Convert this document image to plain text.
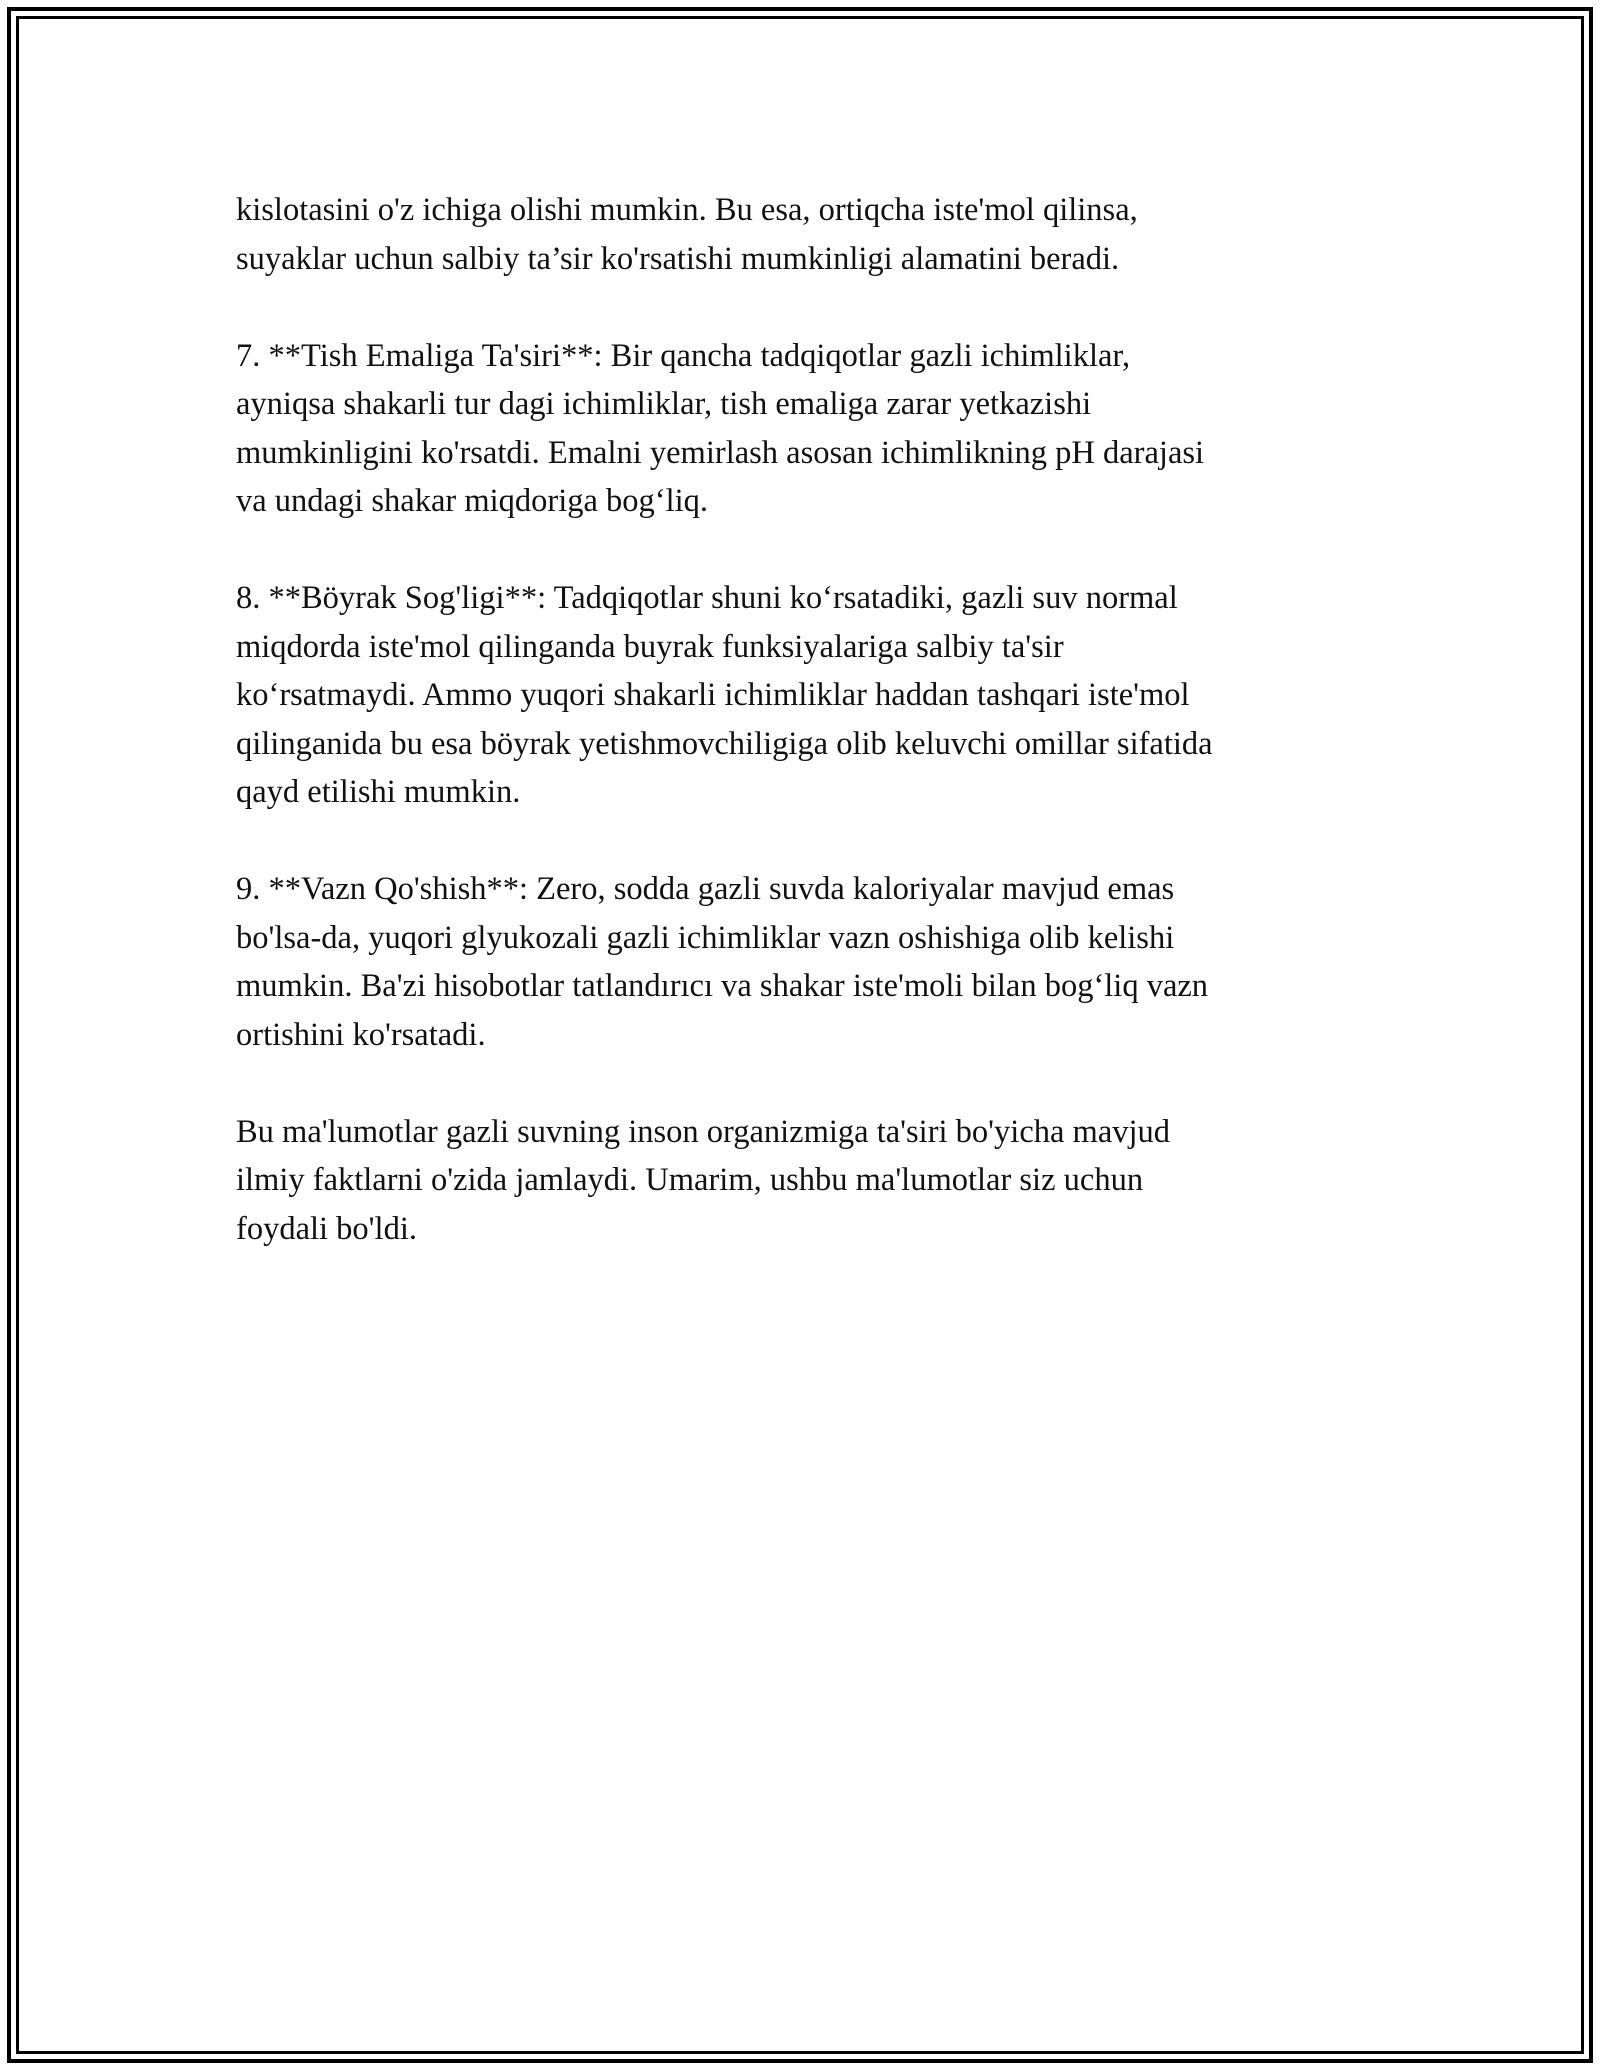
kislotasini o'z ichiga olishi mumkin. Bu esa, ortiqcha iste'mol qilinsa,
suyaklar uchun salbiy ta’sir ko'rsatishi mumkinligi alamatini beradi.

7. **Tish Emaliga Ta'siri**: Bir qancha tadqiqotlar gazli ichimliklar,
ayniqsa shakarli tur dagi ichimliklar, tish emaliga zarar yetkazishi
mumkinligini ko'rsatdi. Emalni yemirlash asosan ichimlikning pH darajasi
va undagi shakar miqdoriga bog‘liq.

8. **Böyrak Sog'ligi**: Tadqiqotlar shuni ko‘rsatadiki, gazli suv normal
miqdorda iste'mol qilinganda buyrak funksiyalariga salbiy ta'sir
ko‘rsatmaydi. Ammo yuqori shakarli ichimliklar haddan tashqari iste'mol
qilinganida bu esa böyrak yetishmovchiligiga olib keluvchi omillar sifatida
qayd etilishi mumkin.

9. **Vazn Qo'shish**: Zero, sodda gazli suvda kaloriyalar mavjud emas
bo'lsa-da, yuqori glyukozali gazli ichimliklar vazn oshishiga olib kelishi
mumkin. Ba'zi hisobotlar tatlandırıcı va shakar iste'moli bilan bog‘liq vazn
ortishini ko'rsatadi.

Bu ma'lumotlar gazli suvning inson organizmiga ta'siri bo'yicha mavjud
ilmiy faktlarni o'zida jamlaydi. Umarim, ushbu ma'lumotlar siz uchun
foydali bo'ldi.
